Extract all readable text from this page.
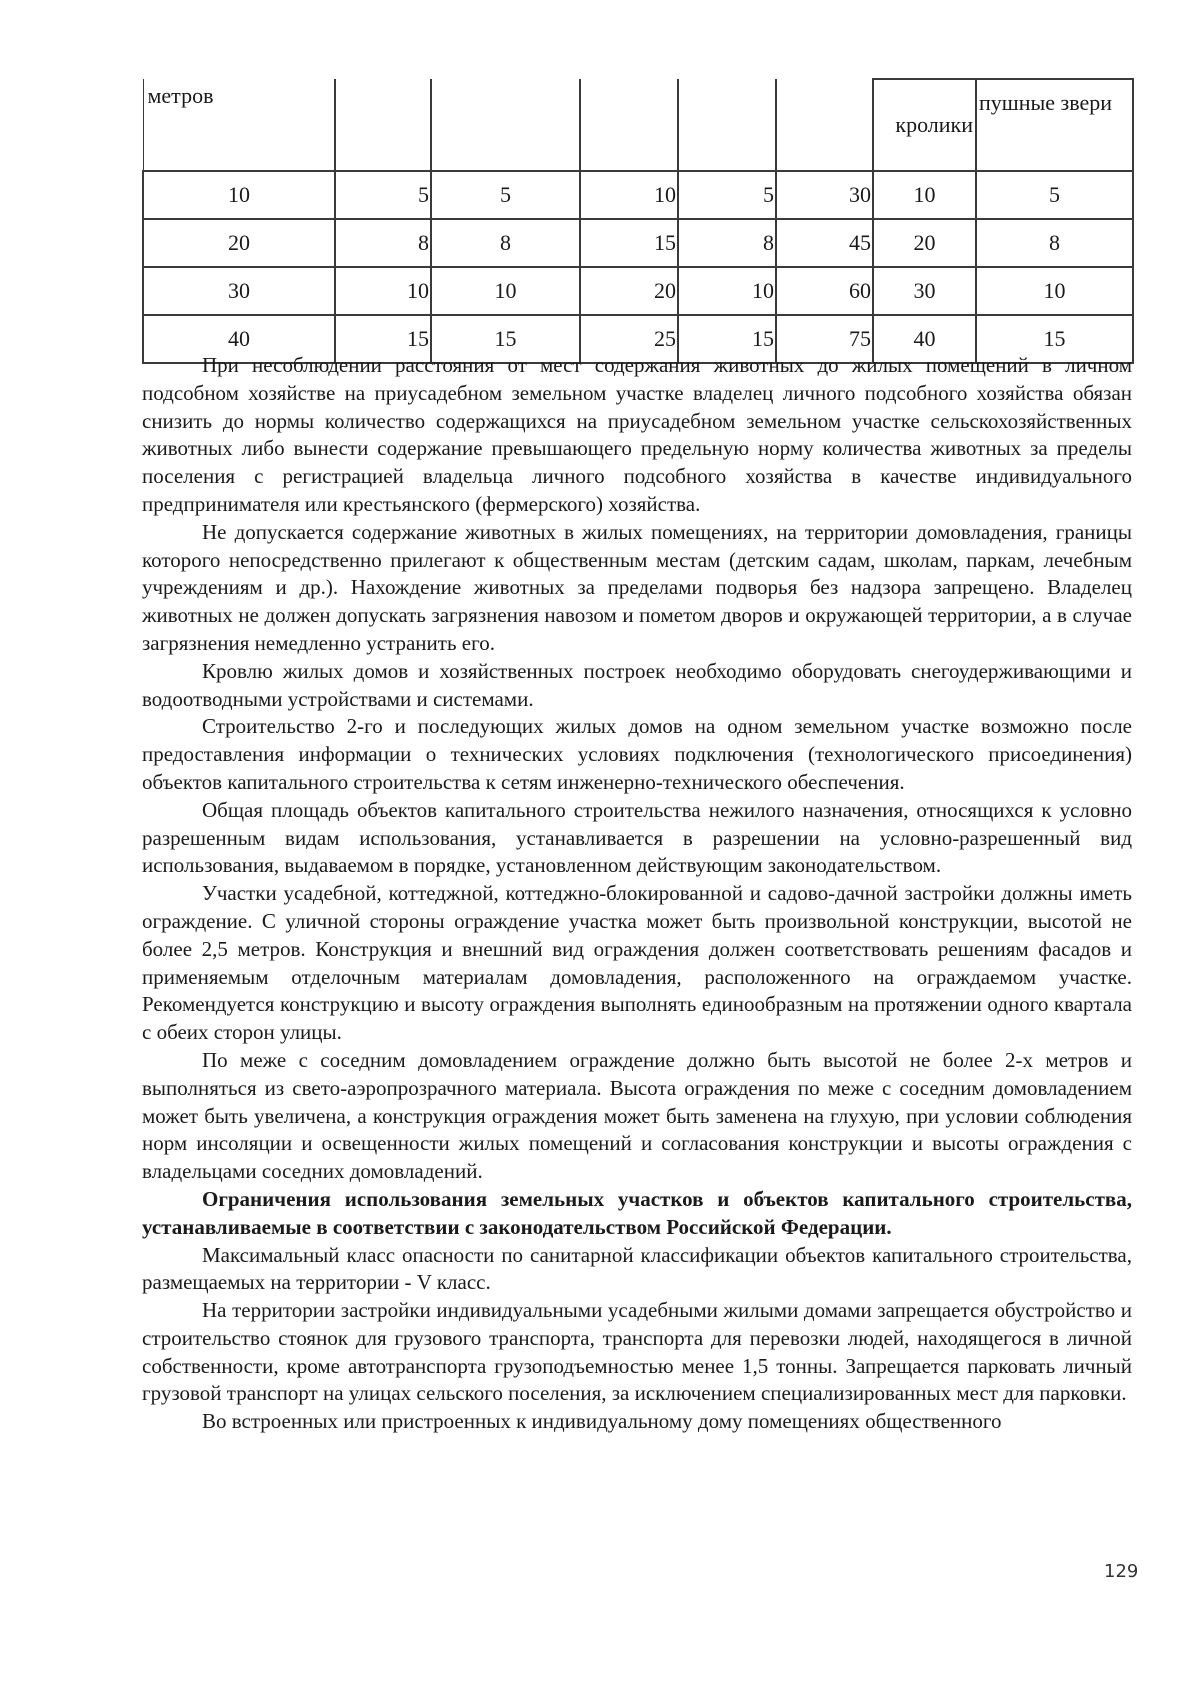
метров						кролики	пушные звери
10	5	5	10	5	30	10	5
20	8	8	15	8	45	20	8
30	10	10	20	10	60	30	10
40	15	15	25	15	75	40	15

При несоблюдении расстояния от мест содержания животных до жилых помещений в личном подсобном хозяйстве на приусадебном земельном участке владелец личного подсобного хозяйства обязан снизить до нормы количество содержащихся на приусадебном земельном участке сельскохозяйственных животных либо вынести содержание превышающего предельную норму количества животных за пределы поселения с регистрацией владельца личного подсобного хозяйства в качестве индивидуального предпринимателя или крестьянского (фермерского) хозяйства.

Не допускается содержание животных в жилых помещениях, на территории домовладения, границы которого непосредственно прилегают к общественным местам (детским садам, школам, паркам, лечебным учреждениям и др.). Нахождение животных за пределами подворья без надзора запрещено. Владелец животных не должен допускать загрязнения навозом и пометом дворов и окружающей территории, а в случае загрязнения немедленно устранить его.

Кровлю жилых домов и хозяйственных построек необходимо оборудовать снегоудерживающими и водоотводными устройствами и системами.

Строительство 2-го и последующих жилых домов на одном земельном участке возможно после предоставления информации о технических условиях подключения (технологического присоединения) объектов капитального строительства к сетям инженерно-технического обеспечения.

Общая площадь объектов капитального строительства нежилого назначения, относящихся к условно разрешенным видам использования, устанавливается в разрешении на условно-разрешенный вид использования, выдаваемом в порядке, установленном действующим законодательством.

Участки усадебной, коттеджной, коттеджно-блокированной и садово-дачной застройки должны иметь ограждение. С уличной стороны ограждение участка может быть произвольной конструкции, высотой не более 2,5 метров. Конструкция и внешний вид ограждения должен соответствовать решениям фасадов и применяемым отделочным материалам домовладения, расположенного на ограждаемом участке. Рекомендуется конструкцию и высоту ограждения выполнять единообразным на протяжении одного квартала с обеих сторон улицы.

По меже с соседним домовладением ограждение должно быть высотой не более 2-х метров и выполняться из свето-аэропрозрачного материала. Высота ограждения по меже с соседним домовладением может быть увеличена, а конструкция ограждения может быть заменена на глухую, при условии соблюдения норм инсоляции и освещенности жилых помещений и согласования конструкции и высоты ограждения с владельцами соседних домовладений.

Ограничения использования земельных участков и объектов капитального строительства, устанавливаемые в соответствии с законодательством Российской Федерации.

Максимальный класс опасности по санитарной классификации объектов капитального строительства, размещаемых на территории - V класс.

На территории застройки индивидуальными усадебными жилыми домами запрещается обустройство и строительство стоянок для грузового транспорта, транспорта для перевозки людей, находящегося в личной собственности, кроме автотранспорта грузоподъемностью менее 1,5 тонны. Запрещается парковать личный грузовой транспорт на улицах сельского поселения, за исключением специализированных мест для парковки.

Во встроенных или пристроенных к индивидуальному дому помещениях общественного

129
